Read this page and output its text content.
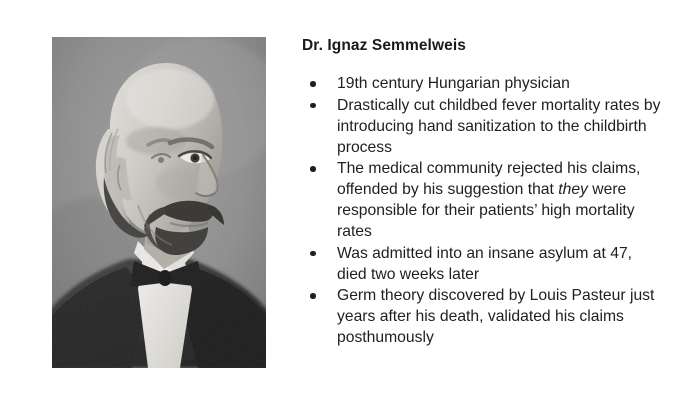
Dr. Ignaz Semmelweis
19th century Hungarian physician
Drastically cut childbed fever mortality rates by introducing hand sanitization to the childbirth process
The medical community rejected his claims, offended by his suggestion that they were responsible for their patients’ high mortality rates
Was admitted into an insane asylum at 47, died two weeks later
Germ theory discovered by Louis Pasteur just years after his death, validated his claims posthumously
